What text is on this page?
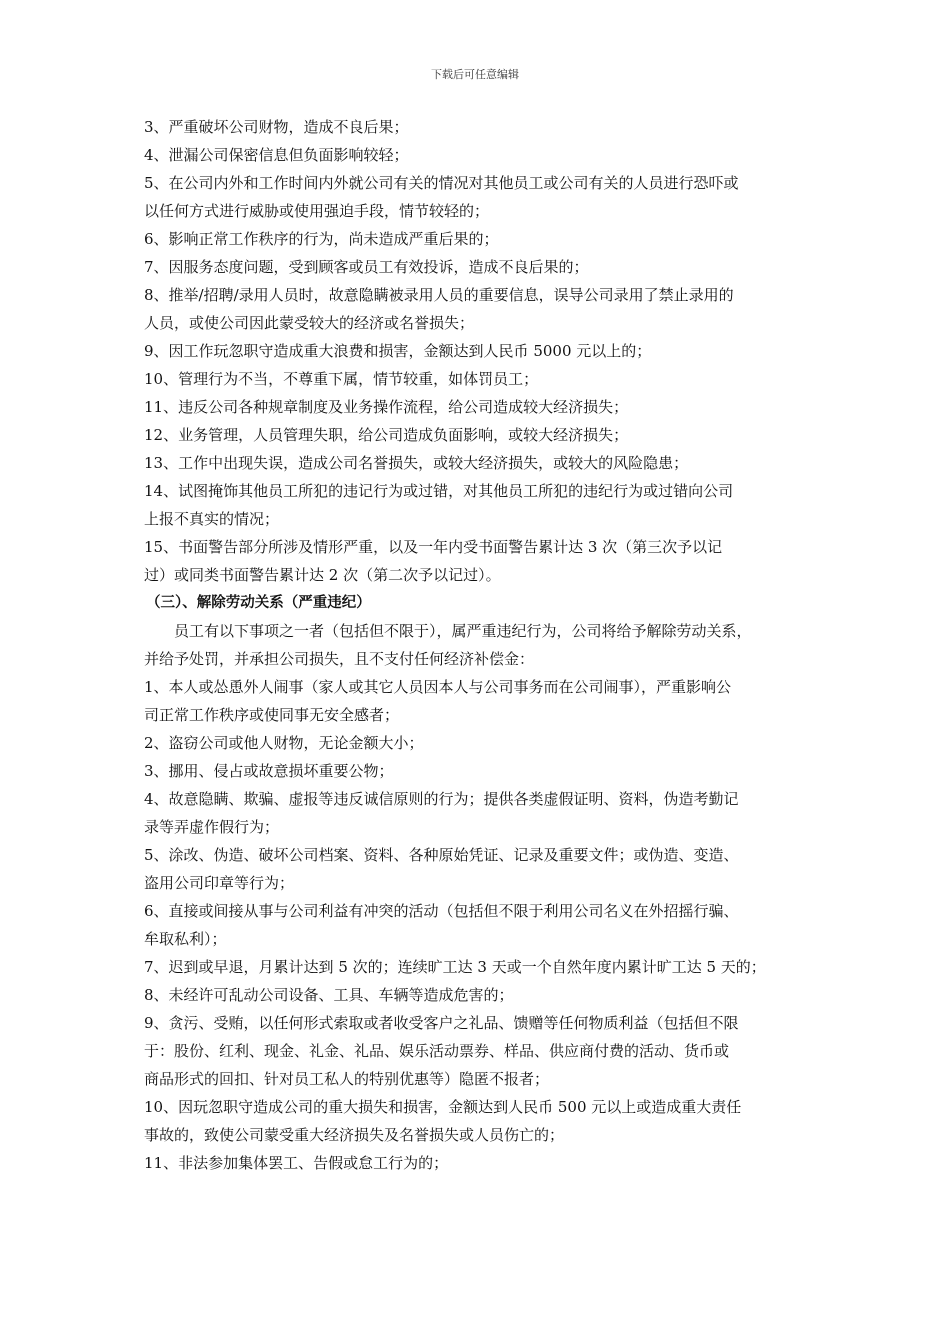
下载后可任意编辑
3、严重破坏公司财物，造成不良后果；
4、泄漏公司保密信息但负面影响较轻；
5、在公司内外和工作时间内外就公司有关的情况对其他员工或公司有关的人员进行恐吓或
以任何方式进行威胁或使用强迫手段，情节较轻的；
6、影响正常工作秩序的行为，尚未造成严重后果的；
7、因服务态度问题，受到顾客或员工有效投诉，造成不良后果的；
8、推举/招聘/录用人员时，故意隐瞒被录用人员的重要信息，误导公司录用了禁止录用的
人员，或使公司因此蒙受较大的经济或名誉损失；
9、因工作玩忽职守造成重大浪费和损害，金额达到人民币 5000 元以上的；
10、管理行为不当，不尊重下属，情节较重，如体罚员工；
11、违反公司各种规章制度及业务操作流程，给公司造成较大经济损失；
12、业务管理，人员管理失职，给公司造成负面影响，或较大经济损失；
13、工作中出现失误，造成公司名誉损失，或较大经济损失，或较大的风险隐患；
14、试图掩饰其他员工所犯的违记行为或过错，对其他员工所犯的违纪行为或过错向公司
上报不真实的情况；
15、书面警告部分所涉及情形严重，以及一年内受书面警告累计达 3 次（第三次予以记
过）或同类书面警告累计达 2 次（第二次予以记过）。
（三）、解除劳动关系（严重违纪）
员工有以下事项之一者（包括但不限于），属严重违纪行为，公司将给予解除劳动关系，
并给予处罚，并承担公司损失，且不支付任何经济补偿金：
1、本人或怂恿外人闹事（家人或其它人员因本人与公司事务而在公司闹事），严重影响公
司正常工作秩序或使同事无安全感者；
2、盗窃公司或他人财物，无论金额大小；
3、挪用、侵占或故意损坏重要公物；
4、故意隐瞒、欺骗、虚报等违反诚信原则的行为；提供各类虚假证明、资料，伪造考勤记
录等弄虚作假行为；
5、涂改、伪造、破坏公司档案、资料、各种原始凭证、记录及重要文件；或伪造、变造、
盗用公司印章等行为；
6、直接或间接从事与公司利益有冲突的活动（包括但不限于利用公司名义在外招摇行骗、
牟取私利）；
7、迟到或早退，月累计达到 5 次的；连续旷工达 3 天或一个自然年度内累计旷工达 5 天的；
8、未经许可乱动公司设备、工具、车辆等造成危害的；
9、贪污、受贿，以任何形式索取或者收受客户之礼品、馈赠等任何物质利益（包括但不限
于：股份、红利、现金、礼金、礼品、娱乐活动票券、样品、供应商付费的活动、货币或
商品形式的回扣、针对员工私人的特别优惠等）隐匿不报者；
10、因玩忽职守造成公司的重大损失和损害，金额达到人民币 500 元以上或造成重大责任
事故的，致使公司蒙受重大经济损失及名誉损失或人员伤亡的；
11、非法参加集体罢工、告假或怠工行为的；
